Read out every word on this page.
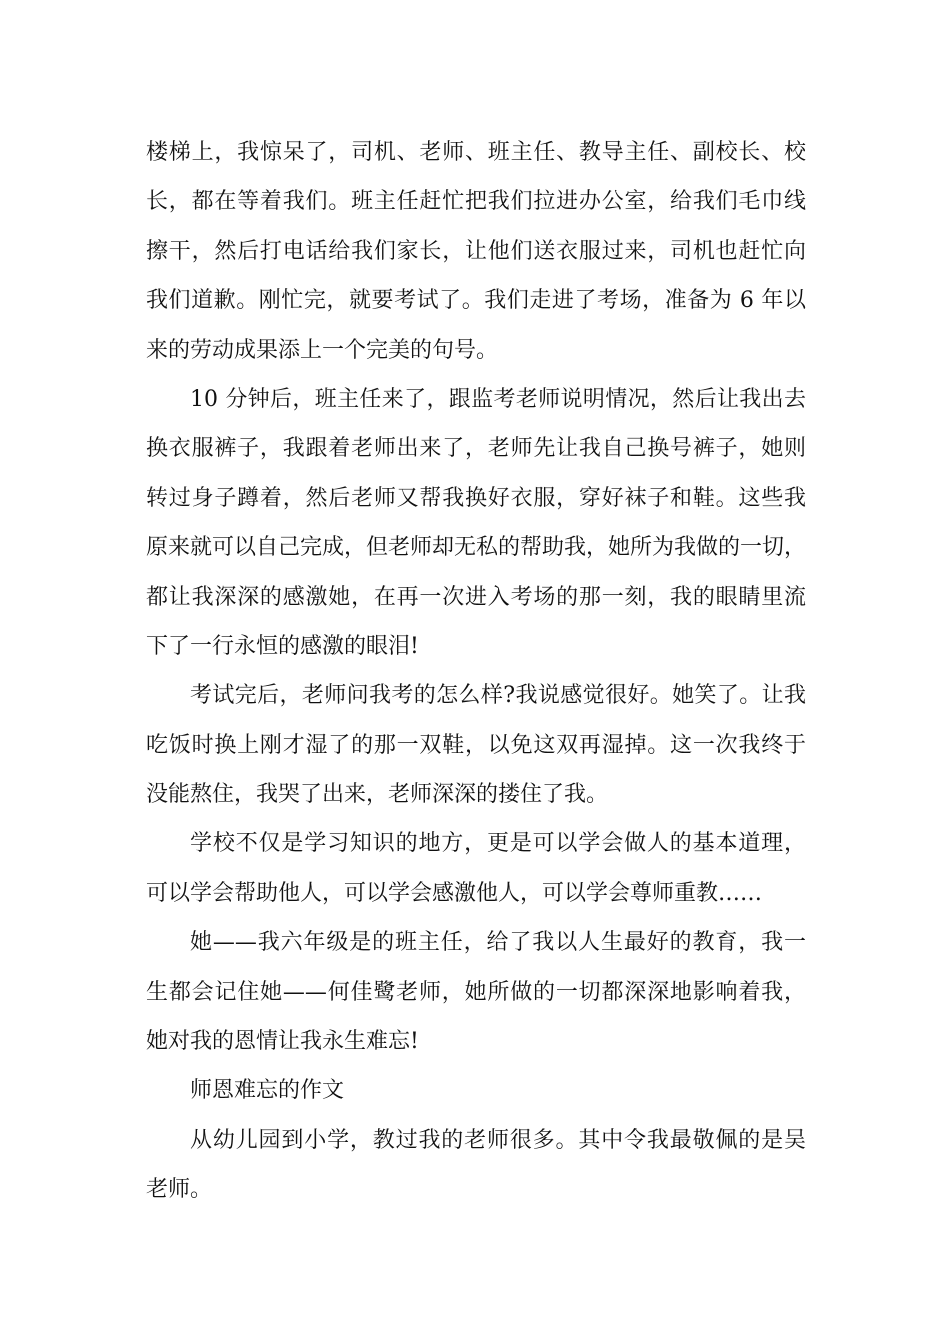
楼梯上，我惊呆了，司机、老师、班主任、教导主任、副校长、校
长，都在等着我们。班主任赶忙把我们拉进办公室，给我们毛巾线
擦干，然后打电话给我们家长，让他们送衣服过来，司机也赶忙向
我们道歉。刚忙完，就要考试了。我们走进了考场，准备为 6 年以
来的劳动成果添上一个完美的句号。
10 分钟后，班主任来了，跟监考老师说明情况，然后让我出去
换衣服裤子，我跟着老师出来了，老师先让我自己换号裤子，她则
转过身子蹲着，然后老师又帮我换好衣服，穿好袜子和鞋。这些我
原来就可以自己完成，但老师却无私的帮助我，她所为我做的一切，
都让我深深的感激她，在再一次进入考场的那一刻，我的眼睛里流
下了一行永恒的感激的眼泪!
考试完后，老师问我考的怎么样?我说感觉很好。她笑了。让我
吃饭时换上刚才湿了的那一双鞋，以免这双再湿掉。这一次我终于
没能熬住，我哭了出来，老师深深的搂住了我。
学校不仅是学习知识的地方，更是可以学会做人的基本道理，
可以学会帮助他人，可以学会感激他人，可以学会尊师重教……
她——我六年级是的班主任，给了我以人生最好的教育，我一
生都会记住她——何佳鹭老师，她所做的一切都深深地影响着我，
她对我的恩情让我永生难忘!
师恩难忘的作文
从幼儿园到小学，教过我的老师很多。其中令我最敬佩的是吴
老师。
